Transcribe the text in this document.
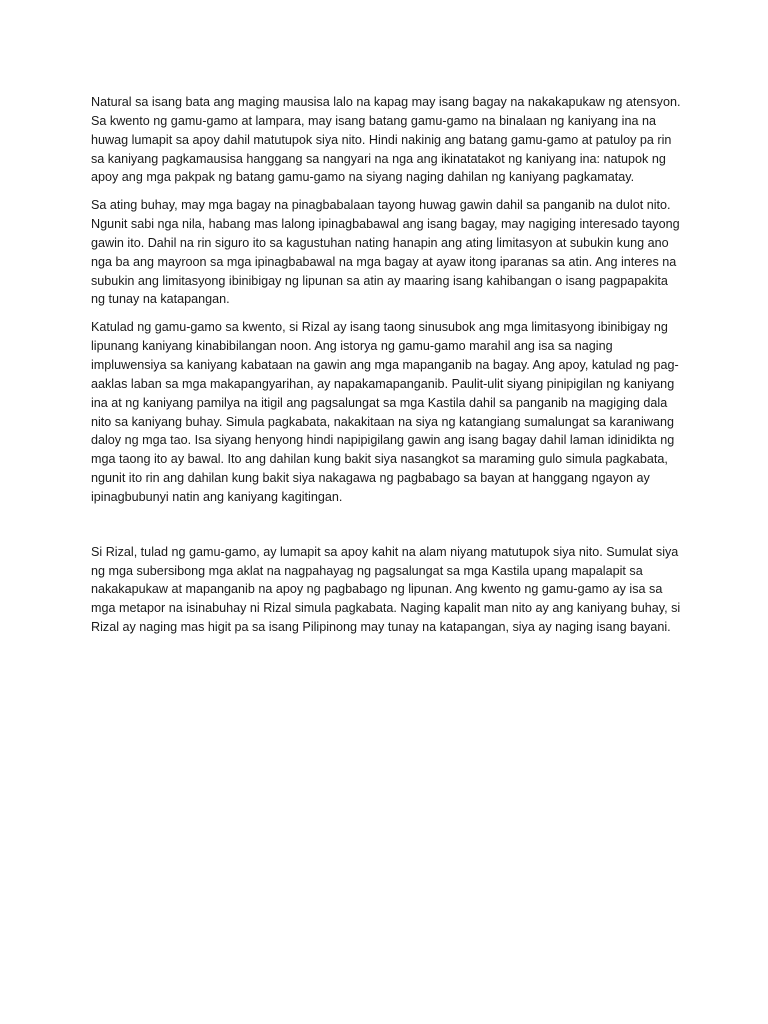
Natural sa isang bata ang maging mausisa lalo na kapag may isang bagay na nakakapukaw ng atensyon.
Sa kwento ng gamu-gamo at lampara, may isang batang gamu-gamo na binalaan ng kaniyang ina na
huwag lumapit sa apoy dahil matutupok siya nito. Hindi nakinig ang batang gamu-gamo at patuloy pa rin
sa kaniyang pagkamausisa hanggang sa nangyari na nga ang ikinatatakot ng kaniyang ina: natupok ng
apoy ang mga pakpak ng batang gamu-gamo na siyang naging dahilan ng kaniyang pagkamatay.

Sa ating buhay, may mga bagay na pinagbabalaan tayong huwag gawin dahil sa panganib na dulot nito.
Ngunit sabi nga nila, habang mas lalong ipinagbabawal ang isang bagay, may nagiging interesado tayong
gawin ito. Dahil na rin siguro ito sa kagustuhan nating hanapin ang ating limitasyon at subukin kung ano
nga ba ang mayroon sa mga ipinagbabawal na mga bagay at ayaw itong iparanas sa atin. Ang interes na
subukin ang limitasyong ibinibigay ng lipunan sa atin ay maaring isang kahibangan o isang pagpapakita
ng tunay na katapangan.

Katulad ng gamu-gamo sa kwento, si Rizal ay isang taong sinusubok ang mga limitasyong ibinibigay ng
lipunang kaniyang kinabibilangan noon. Ang istorya ng gamu-gamo marahil ang isa sa naging
impluwensiya sa kaniyang kabataan na gawin ang mga mapanganib na bagay. Ang apoy, katulad ng pag-
aaklas laban sa mga makapangyarihan, ay napakamapanganib. Paulit-ulit siyang pinipigilan ng kaniyang
ina at ng kaniyang pamilya na itigil ang pagsalungat sa mga Kastila dahil sa panganib na magiging dala
nito sa kaniyang buhay. Simula pagkabata, nakakitaan na siya ng katangiang sumalungat sa karaniwang
daloy ng mga tao. Isa siyang henyong hindi napipigilang gawin ang isang bagay dahil laman idinidikta ng
mga taong ito ay bawal. Ito ang dahilan kung bakit siya nasangkot sa maraming gulo simula pagkabata,
ngunit ito rin ang dahilan kung bakit siya nakagawa ng pagbabago sa bayan at hanggang ngayon ay
ipinagbubunyi natin ang kaniyang kagitingan.

Si Rizal, tulad ng gamu-gamo, ay lumapit sa apoy kahit na alam niyang matutupok siya nito. Sumulat siya
ng mga subersibong mga aklat na nagpahayag ng pagsalungat sa mga Kastila upang mapalapit sa
nakakapukaw at mapanganib na apoy ng pagbabago ng lipunan. Ang kwento ng gamu-gamo ay isa sa
mga metapor na isinabuhay ni Rizal simula pagkabata. Naging kapalit man nito ay ang kaniyang buhay, si
Rizal ay naging mas higit pa sa isang Pilipinong may tunay na katapangan, siya ay naging isang bayani.
